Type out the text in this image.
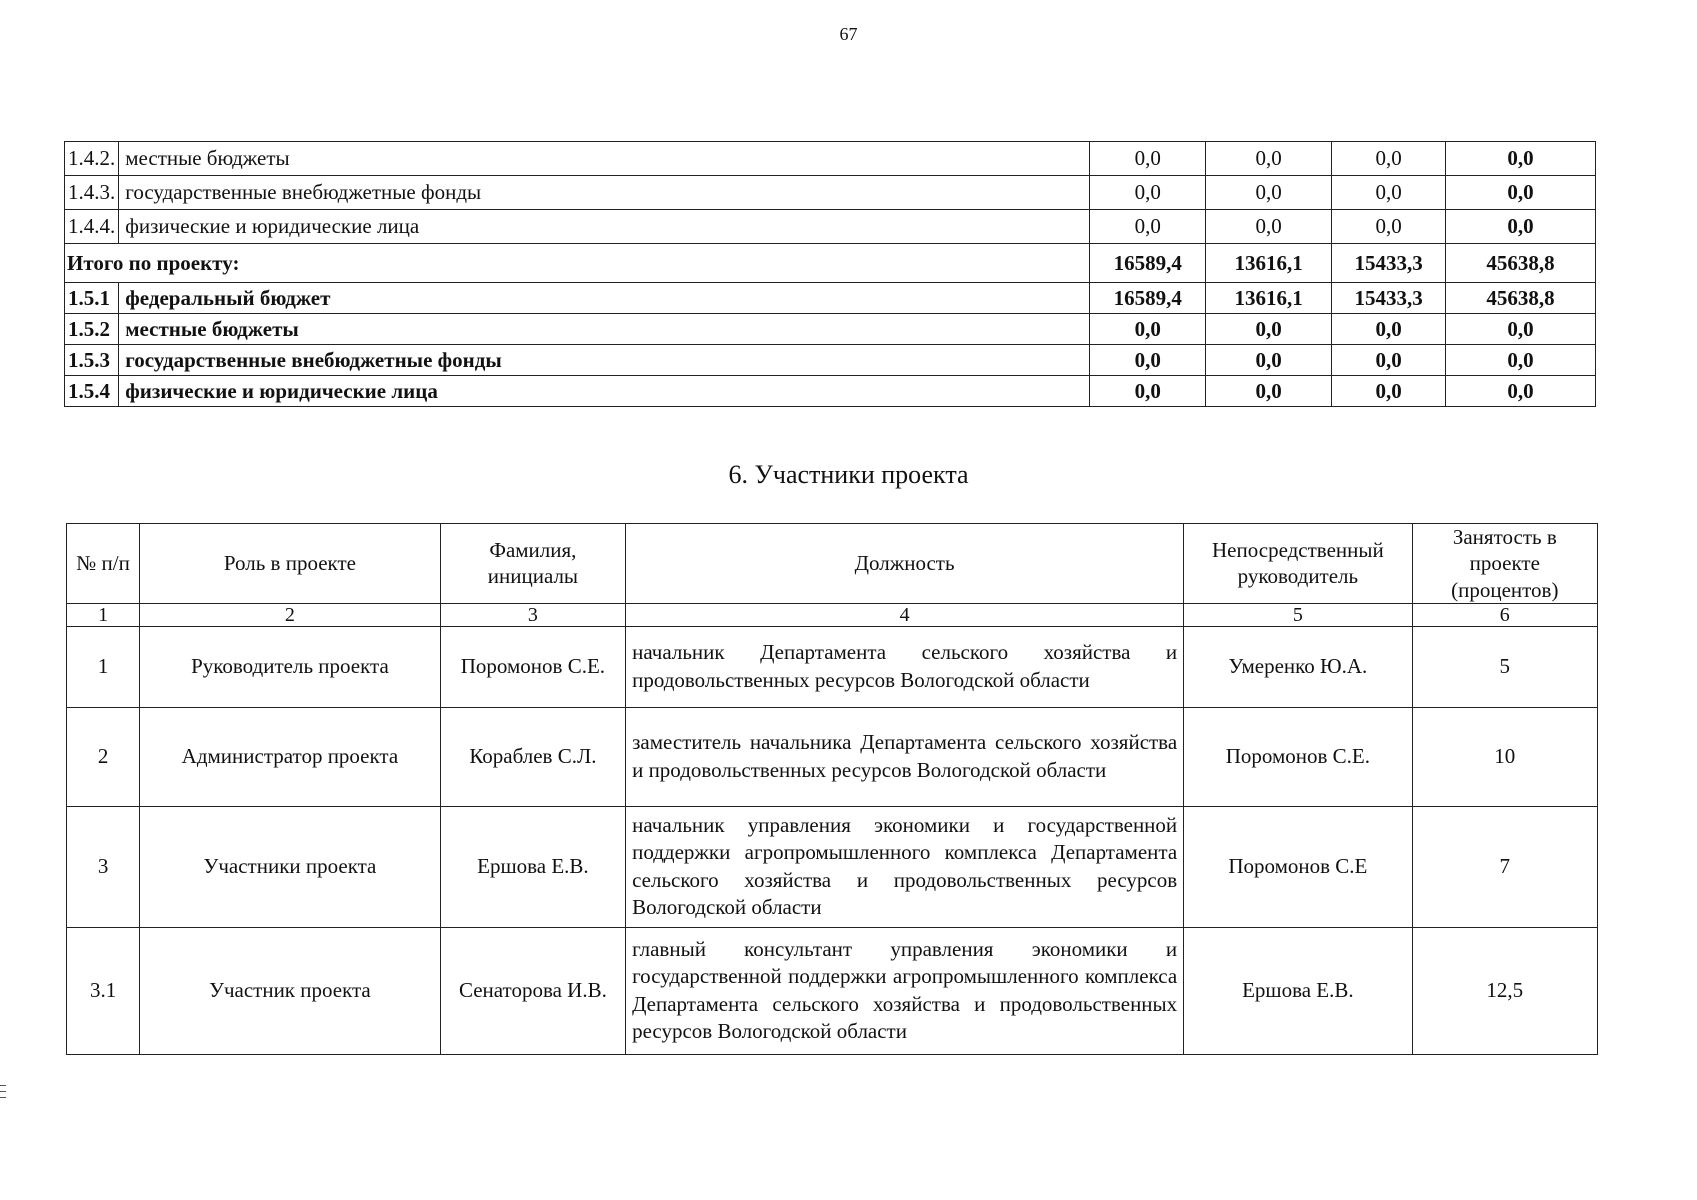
67
1.4.2.	местные бюджеты	0,0	0,0	0,0	0,0
1.4.3.	государственные внебюджетные фонды	0,0	0,0	0,0	0,0
1.4.4.	физические и юридические лица	0,0	0,0	0,0	0,0
Итого по проекту:		16589,4	13616,1	15433,3	45638,8
1.5.1	федеральный бюджет	16589,4	13616,1	15433,3	45638,8
1.5.2	местные бюджеты	0,0	0,0	0,0	0,0
1.5.3	государственные внебюджетные фонды	0,0	0,0	0,0	0,0
1.5.4	физические и юридические лица	0,0	0,0	0,0	0,0
6. Участники проекта
№ п/п	Роль в проекте	Фамилия, инициалы	Должность	Непосредственный руководитель	Занятость в проекте (процентов)
1	2	3	4	5	6
1	Руководитель проекта	Поромонов С.Е.	начальник Департамента сельского хозяйства и продовольственных ресурсов Вологодской области	Умеренко Ю.А.	5
2	Администратор проекта	Кораблев С.Л.	заместитель начальника Департамента сельского хозяйства и продовольственных ресурсов Вологодской области	Поромонов С.Е.	10
3	Участники проекта	Ершова Е.В.	начальник управления экономики и государственной поддержки агропромышленного комплекса Департамента сельского хозяйства и продовольственных ресурсов Вологодской области	Поромонов С.Е	7
3.1	Участник проекта	Сенаторова И.В.	главный консультант управления экономики и государственной поддержки агропромышленного комплекса Департамента сельского хозяйства и продовольственных ресурсов Вологодской области	Ершова Е.В.	12,5
